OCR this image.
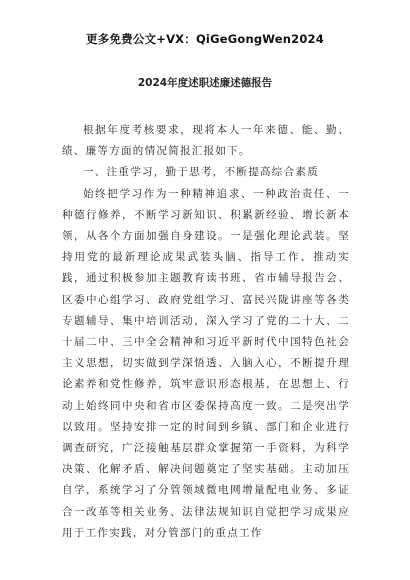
更多免费公文+VX：QiGeGongWen2024
2024年度述职述廉述德报告

根据年度考核要求，现将本人一年来德、能、勤、绩、廉等方面的情况简报汇报如下。

一、注重学习，勤于思考，不断提高综合素质

始终把学习作为一种精神追求、一种政治责任、一种德行修养，不断学习新知识、积累新经验、增长新本领，从各个方面加强自身建设。一是强化理论武装。坚持用党的最新理论成果武装头脑、指导工作、推动实践，通过积极参加主题教育读书班、省市辅导报告会、区委中心组学习、政府党组学习、富民兴陇讲座等各类专题辅导、集中培训活动，深入学习了党的二十大、二十届二中、三中全会精神和习近平新时代中国特色社会主义思想，切实做到学深悟透、入脑入心，不断提升理论素养和党性修养，筑牢意识形态根基，在思想上、行动上始终同中央和省市区委保持高度一致。二是突出学以致用。坚持安排一定的时间到乡镇、部门和企业进行调查研究，广泛接触基层群众掌握第一手资料，为科学决策、化解矛盾、解决问题奠定了坚实基础。主动加压自学，系统学习了分管领域微电网增量配电业务、多证合一改革等相关业务、法律法规知识自觉把学习成果应用于工作实践，对分管部门的重点工作
